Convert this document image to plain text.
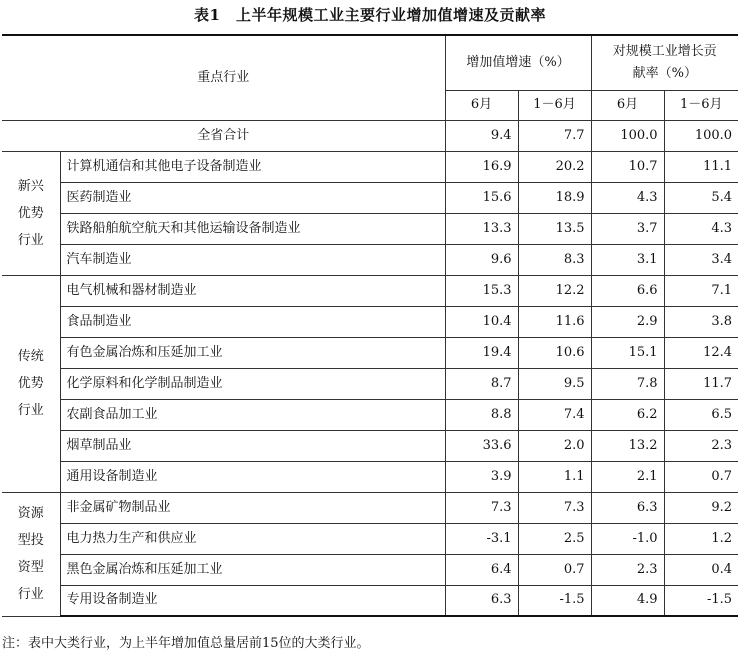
表1　上半年规模工业主要行业增加值增速及贡献率
重点行业		增加值增速（%）		对规模工业增长贡
献率（%）	

		6月	1－6月	6月	1－6月
全省合计		9.4	7.7	100.0	100.0

新兴
优势
行业	计算机通信和其他电子设备制造业	16.9	20.2	10.7	11.1
	医药制造业	15.6	18.9	4.3	5.4
	铁路船舶航空航天和其他运输设备制造业	13.3	13.5	3.7	4.3
	汽车制造业	9.6	8.3	3.1	3.4

传统
优势
行业	电气机械和器材制造业	15.3	12.2	6.6	7.1
	食品制造业	10.4	11.6	2.9	3.8
	有色金属冶炼和压延加工业	19.4	10.6	15.1	12.4
	化学原料和化学制品制造业	8.7	9.5	7.8	11.7
	农副食品加工业	8.8	7.4	6.2	6.5
	烟草制品业	33.6	2.0	13.2	2.3
	通用设备制造业	3.9	1.1	2.1	0.7

资源
型投
资型
行业	非金属矿物制品业	7.3	7.3	6.3	9.2
	电力热力生产和供应业	-3.1	2.5	-1.0	1.2
	黑色金属冶炼和压延加工业	6.4	0.7	2.3	0.4
	专用设备制造业	6.3	-1.5	4.9	-1.5
注：表中大类行业，为上半年增加值总量居前15位的大类行业。
